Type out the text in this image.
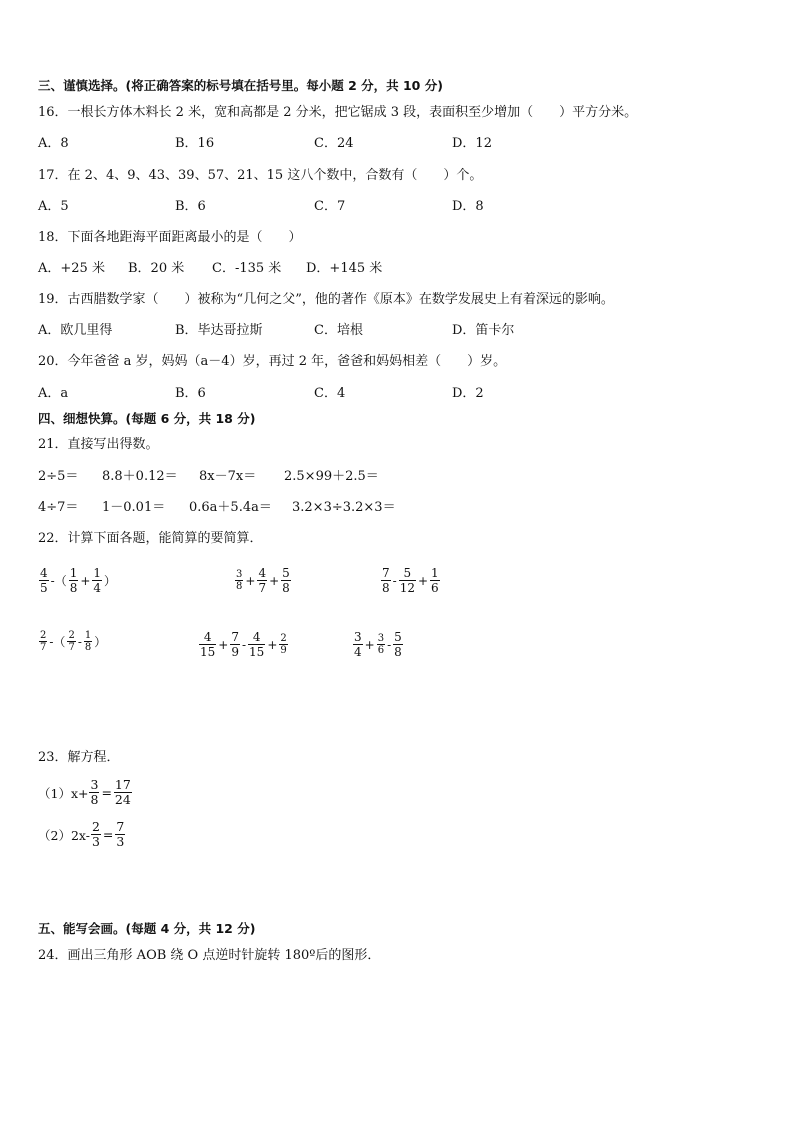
三、谨慎选择。(将正确答案的标号填在括号里。每小题 2 分，共 10 分)
16．一根长方体木料长 2 米，宽和高都是 2 分米，把它锯成 3 段，表面积至少增加（　　）平方分米。
A．8	B．16	C．24	D．12
17．在 2、4、9、43、39、57、21、15 这八个数中，合数有（　　）个。
A．5	B．6	C．7	D．8
18．下面各地距海平面距离最小的是（　　）
A．+25 米 B．20 米 C．-135 米 D．+145 米
19．古西腊数学家（　　）被称为“几何之父”，他的著作《原本》在数学发展史上有着深远的影响。
A．欧几里得	B．毕达哥拉斯	C．培根	D．笛卡尔
20．今年爸爸 a 岁，妈妈（a－4）岁，再过 2 年，爸爸和妈妈相差（　　）岁。
A．a	B．6	C．4	D．2
四、细想快算。(每题 6 分，共 18 分)
21．直接写出得数。
2÷5＝ 8.8＋0.12＝ 8x－7x＝ 2.5×99＋2.5＝
4÷7＝ 1－0.01＝ 0.6a＋5.4a＝ 3.2×3÷3.2×3＝
22．计算下面各题，能简算的要简算．
$\frac{4}{5}$ -（ $\frac{1}{8} + \frac{1}{4}$ ）	$\frac{3}{8} + \frac{4}{7} + \frac{5}{8}$	$\frac{7}{8} - \frac{5}{12} + \frac{1}{6}$
$\frac{2}{7}$ -（ $\frac{2}{7} - \frac{1}{8}$ ）	$\frac{4}{15} + \frac{7}{9} - \frac{4}{15} + \frac{2}{9}$	$\frac{3}{4} + \frac{3}{6} - \frac{5}{8}$
23．解方程．
$(1)x+ \frac{3}{8} = \frac{17}{24}$
$(2)2x- \frac{2}{3} = \frac{7}{3}$
五、能写会画。(每题 4 分，共 12 分)
24．画出三角形 AOB 绕 O 点逆时针旋转 180º后的图形．
